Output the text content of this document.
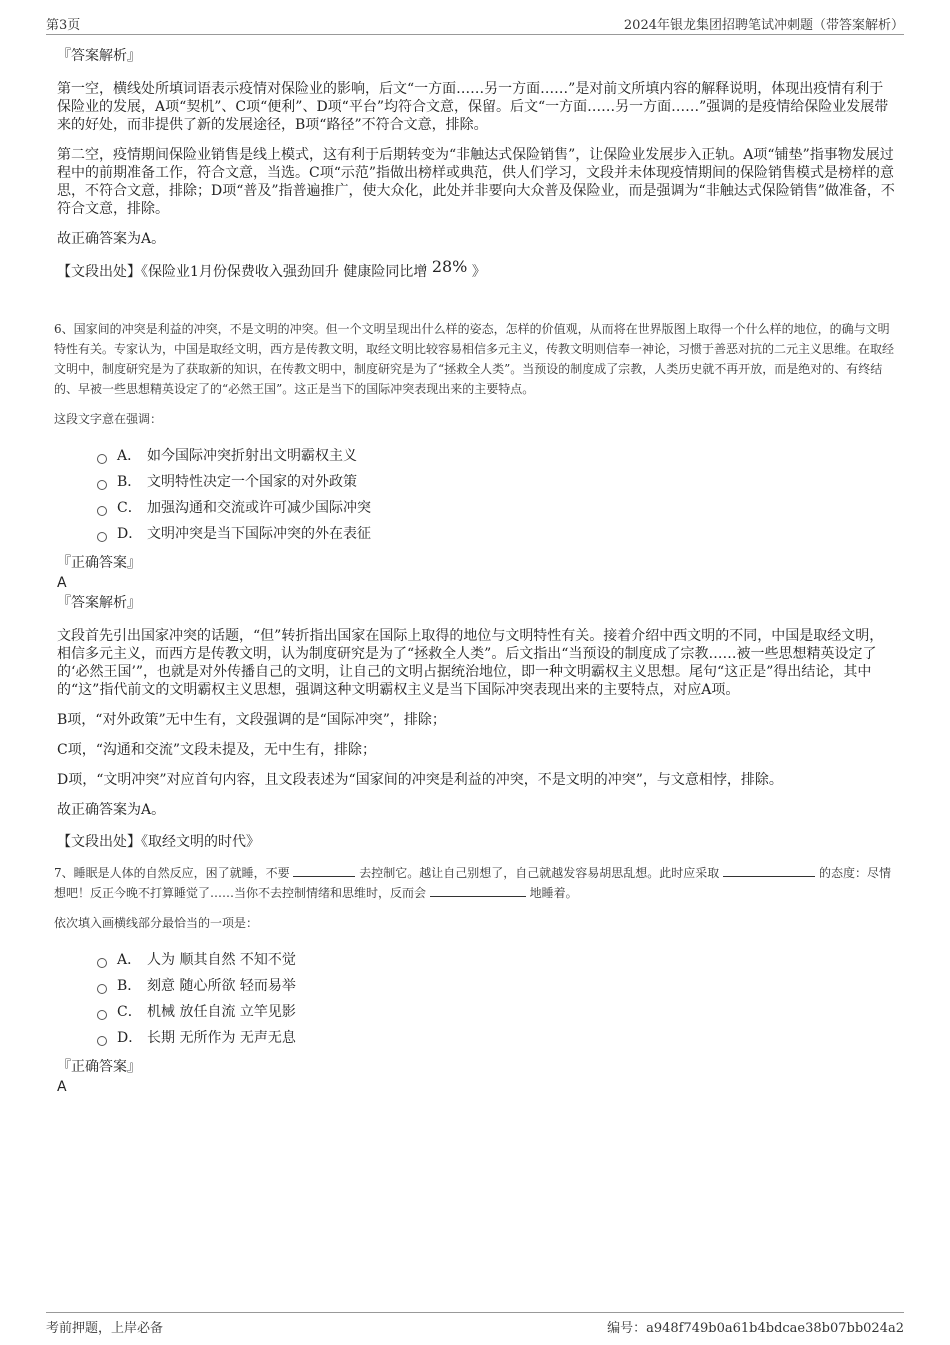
第3页	2024年银龙集团招聘笔试冲刺题（带答案解析）
『答案解析』

第一空，横线处所填词语表示疫情对保险业的影响，后文“一方面……另一方面……”是对前文所填内容的解释说明，体现出疫情有利于保险业的发展，A项“契机”、C项“便利”、D项“平台”均符合文意，保留。后文“一方面……另一方面……”强调的是疫情给保险业发展带来的好处，而非提供了新的发展途径，B项“路径”不符合文意，排除。

第二空，疫情期间保险业销售是线上模式，这有利于后期转变为“非触达式保险销售”，让保险业发展步入正轨。A项“铺垫”指事物发展过程中的前期准备工作，符合文意，当选。C项“示范”指做出榜样或典范，供人们学习，文段并未体现疫情期间的保险销售模式是榜样的意思，不符合文意，排除；D项“普及”指普遍推广，使大众化，此处并非要向大众普及保险业，而是强调为“非触达式保险销售”做准备，不符合文意，排除。

故正确答案为A。

【文段出处】《保险业1月份保费收入强劲回升 健康险同比增 28% 》

6、国家间的冲突是利益的冲突，不是文明的冲突。但一个文明呈现出什么样的姿态，怎样的价值观，从而将在世界版图上取得一个什么样的地位，的确与文明特性有关。专家认为，中国是取经文明，西方是传教文明，取经文明比较容易相信多元主义，传教文明则信奉一神论，习惯于善恶对抗的二元主义思维。在取经文明中，制度研究是为了获取新的知识，在传教文明中，制度研究是为了“拯救全人类”。当预设的制度成了宗教，人类历史就不再开放，而是绝对的、有终结的、早被一些思想精英设定了的“必然王国”。这正是当下的国际冲突表现出来的主要特点。

这段文字意在强调：

A． 如今国际冲突折射出文明霸权主义
B． 文明特性决定一个国家的对外政策
C． 加强沟通和交流或许可减少国际冲突
D． 文明冲突是当下国际冲突的外在表征
『正确答案』
A
『答案解析』

文段首先引出国家冲突的话题，“但”转折指出国家在国际上取得的地位与文明特性有关。接着介绍中西文明的不同，中国是取经文明，相信多元主义，而西方是传教文明，认为制度研究是为了“拯救全人类”。后文指出“当预设的制度成了宗教……被一些思想精英设定了的‘必然王国’”，也就是对外传播自己的文明，让自己的文明占据统治地位，即一种文明霸权主义思想。尾句“这正是”得出结论，其中的“这”指代前文的文明霸权主义思想，强调这种文明霸权主义是当下国际冲突表现出来的主要特点，对应A项。

B项，“对外政策”无中生有，文段强调的是“国际冲突”，排除；

C项，“沟通和交流”文段未提及，无中生有，排除；

D项，“文明冲突”对应首句内容，且文段表述为“国家间的冲突是利益的冲突，不是文明的冲突”，与文意相悖，排除。

故正确答案为A。

【文段出处】《取经文明的时代》

7、睡眠是人体的自然反应，困了就睡，不要	去控制它。越让自己别想了，自己就越发容易胡思乱想。此时应采取	的态度：尽情想吧！反正今晚不打算睡觉了……当你不去控制情绪和思维时，反而会	地睡着。

依次填入画横线部分最恰当的一项是：

A． 人为 顺其自然 不知不觉
B． 刻意 随心所欲 轻而易举
C． 机械 放任自流 立竿见影
D． 长期 无所作为 无声无息
『正确答案』
A
考前押题，上岸必备	编号：a948f749b0a61b4bdcae38b07bb024a2
